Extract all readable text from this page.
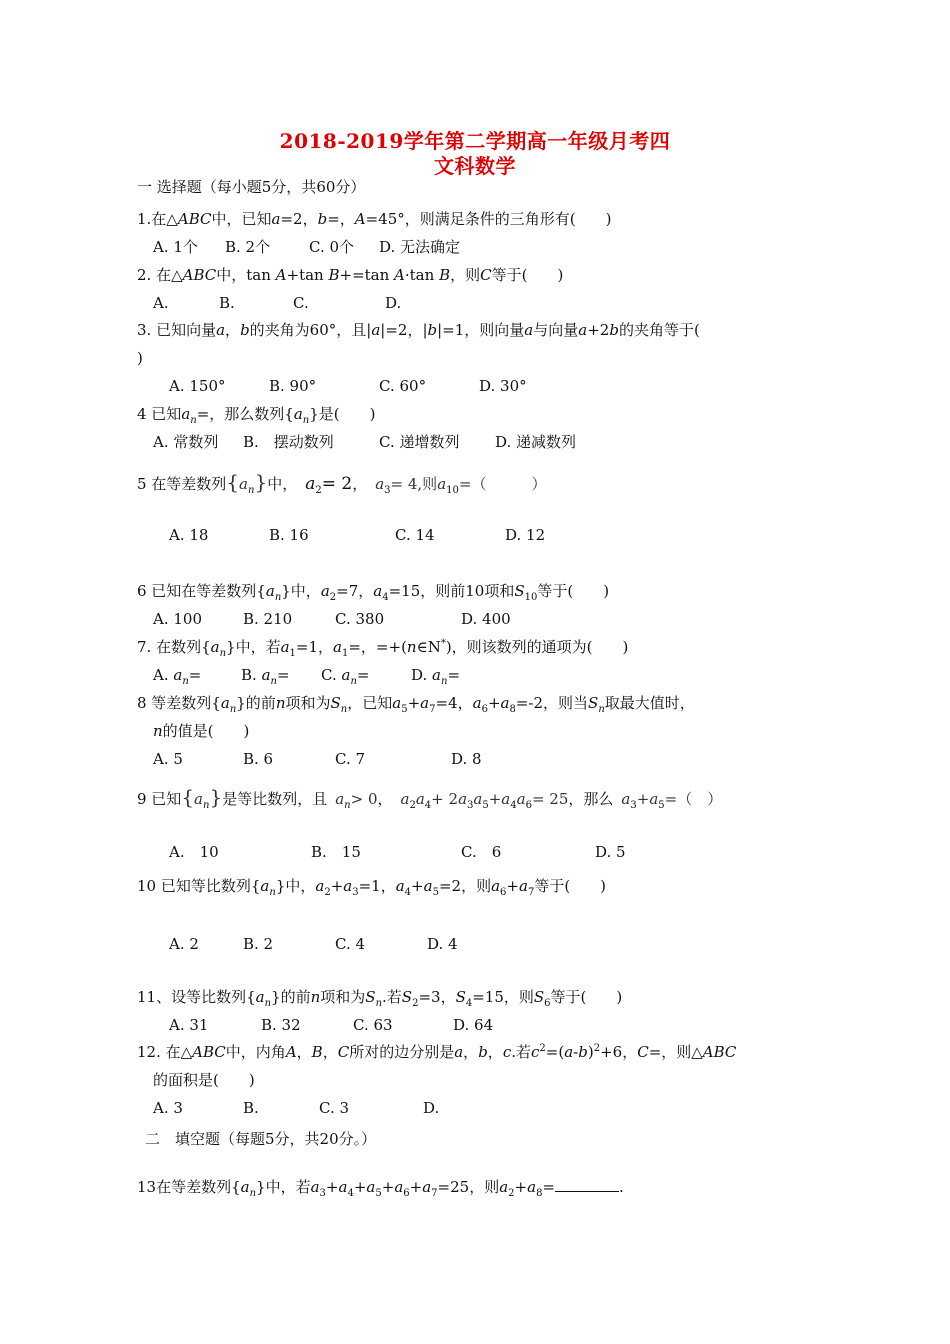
2018-2019学年第二学期高一年级月考四
文科数学
一 选择题（每小题5分，共60分）
1.在△ABC中，已知a=2，b=，A=45°，则满足条件的三角形有(　　)
A. 1个 B. 2个	C. 0个 D. 无法确定
2. 在△ABC中，tan A+tan B+=tan A·tan B，则C等于(　　)
A.	B.	C.	D.
3. 已知向量a，b的夹角为60°，且|a|=2，|b|=1，则向量a与向量a+2b的夹角等于(
)
A. 150°	B. 90°	C. 60°	D. 30°
4 已知$a_n=$，那么数列$\{a_n\}$是(　　)
A. 常数列 B.　摆动数列	C. 递增数列 D. 递减数列
5 在等差数列$\{a_n\}$中， $a_2= 2$， $a_3= 4$,则$a_{10}=$（　　　）
A. 18	B. 16	C. 14	D. 12
6 已知在等差数列$\{a_n\}$中，$a_2=7$，$a_4=15$，则前10项和$S_{10}$等于(　　)
A. 100	B. 210	C. 380	D. 400
7. 在数列$\{a_n\}$中，若$a_1=1$，$a_1=$，=+(n∈N*)，则该数列的通项为(　　)
A. $a_n=$	B. $a_n= C$. $a_n=$	D. $a_n=$
8 等差数列$\{a_n\}$的前n项和为$S_n$，已知$a_5+a_7=4$，$a_6+a_8=-2$，则当$S_n$取最大值时，
n的值是(　　)
A. 5	B. 6	C. 7	D. 8
9 已知$\{a_n\}$是等比数列，且 $a_n> 0$， $a_2a_4+ 2a_3a_5+a_4a_6= 25$，那么 $a_3+a_5=$（　）
A.　10	B.　15	C.　6	D. 5
10 已知等比数列$\{a_n\}$中，$a_2+a_3=1$，$a_4+a_5=2$，则$a_6+a_7$等于(　　)
A. 2	B. 2	C. 4	D. 4
11、设等比数列$\{a_n\}$的前n项和为$S_n$.若$S_2=3$，$S_4=15$，则$S_6$等于(　　)
A. 31	B. 32	C. 63	D. 64
12. 在△ABC中，内角A，B，C所对的边分别是a，b，c.若$c^2=(a-b)^2+6$，C=，则△ABC
的面积是(　　)
A. 3	B.	C. 3	D.
二　填空题（每题5分，共20分。）
13在等差数列$\{a_n\}$中，若$a_3+a_4+a_5+a_6+a_7=25$，则$a_2+a_8=$	.
